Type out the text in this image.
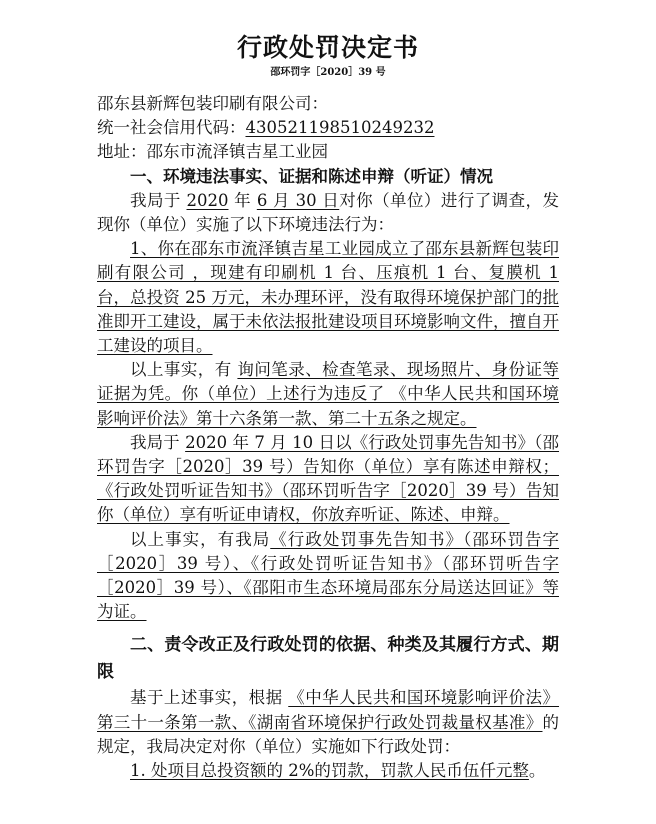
行政处罚决定书
邵环罚字［2020］39 号

邵东县新辉包装印刷有限公司：

统一社会信用代码：430521198510249232

地址：邵东市流泽镇吉星工业园

一、环境违法事实、证据和陈述申辩（听证）情况

我局于 2020 年 6 月 30 日对你（单位）进行了调查，发现你（单位）实施了以下环境违法行为：

1、你在邵东市流泽镇吉星工业园成立了邵东县新辉包装印刷有限公司 ，现建有印刷机 1 台、压痕机 1 台、复膜机 1 台，总投资 25 万元，未办理环评，没有取得环境保护部门的批准即开工建设，属于未依法报批建设项目环境影响文件，擅自开工建设的项目。

以上事实，有 询问笔录、检查笔录、现场照片、身份证等证据为凭。你（单位）上述行为违反了 《中华人民共和国环境影响评价法》第十六条第一款、第二十五条之规定。

我局于 2020 年 7 月 10 日以《行政处罚事先告知书》（邵环罚告字［2020］39 号）告知你（单位）享有陈述申辩权；《行政处罚听证告知书》（邵环罚听告字［2020］39 号）告知你（单位）享有听证申请权，你放弃听证、陈述、申辩。

以上事实，有我局《行政处罚事先告知书》（邵环罚告字［2020］39 号）、《行政处罚听证告知书》（邵环罚听告字［2020］39 号）、《邵阳市生态环境局邵东分局送达回证》等为证。

二、责令改正及行政处罚的依据、种类及其履行方式、期限

基于上述事实，根据 《中华人民共和国环境影响评价法》第三十一条第一款、《湖南省环境保护行政处罚裁量权基准》的规定，我局决定对你（单位）实施如下行政处罚：

1. 处项目总投资额的 2%的罚款，罚款人民币伍仟元整。
